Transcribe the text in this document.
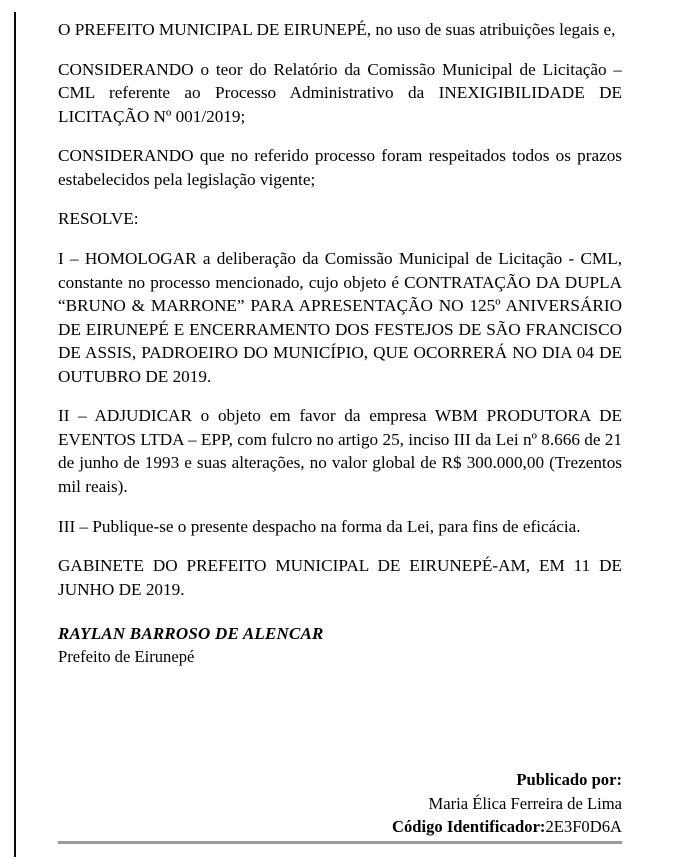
O PREFEITO MUNICIPAL DE EIRUNEPÉ, no uso de suas atribuições legais e,

CONSIDERANDO o teor do Relatório da Comissão Municipal de Licitação – CML referente ao Processo Administrativo da INEXIGIBILIDADE DE LICITAÇÃO Nº 001/2019;

CONSIDERANDO que no referido processo foram respeitados todos os prazos estabelecidos pela legislação vigente;

RESOLVE:

I – HOMOLOGAR a deliberação da Comissão Municipal de Licitação - CML, constante no processo mencionado, cujo objeto é CONTRATAÇÃO DA DUPLA “BRUNO & MARRONE” PARA APRESENTAÇÃO NO 125º ANIVERSÁRIO DE EIRUNEPÉ E ENCERRAMENTO DOS FESTEJOS DE SÃO FRANCISCO DE ASSIS, PADROEIRO DO MUNICÍPIO, QUE OCORRERÁ NO DIA 04 DE OUTUBRO DE 2019.

II – ADJUDICAR o objeto em favor da empresa WBM PRODUTORA DE EVENTOS LTDA – EPP, com fulcro no artigo 25, inciso III da Lei nº 8.666 de 21 de junho de 1993 e suas alterações, no valor global de R$ 300.000,00 (Trezentos mil reais).

III – Publique-se o presente despacho na forma da Lei, para fins de eficácia.

GABINETE DO PREFEITO MUNICIPAL DE EIRUNEPÉ-AM, EM 11 DE JUNHO DE 2019.

RAYLAN BARROSO DE ALENCAR
Prefeito de Eirunepé
Publicado por:
Maria Élica Ferreira de Lima
Código Identificador:2E3F0D6A
